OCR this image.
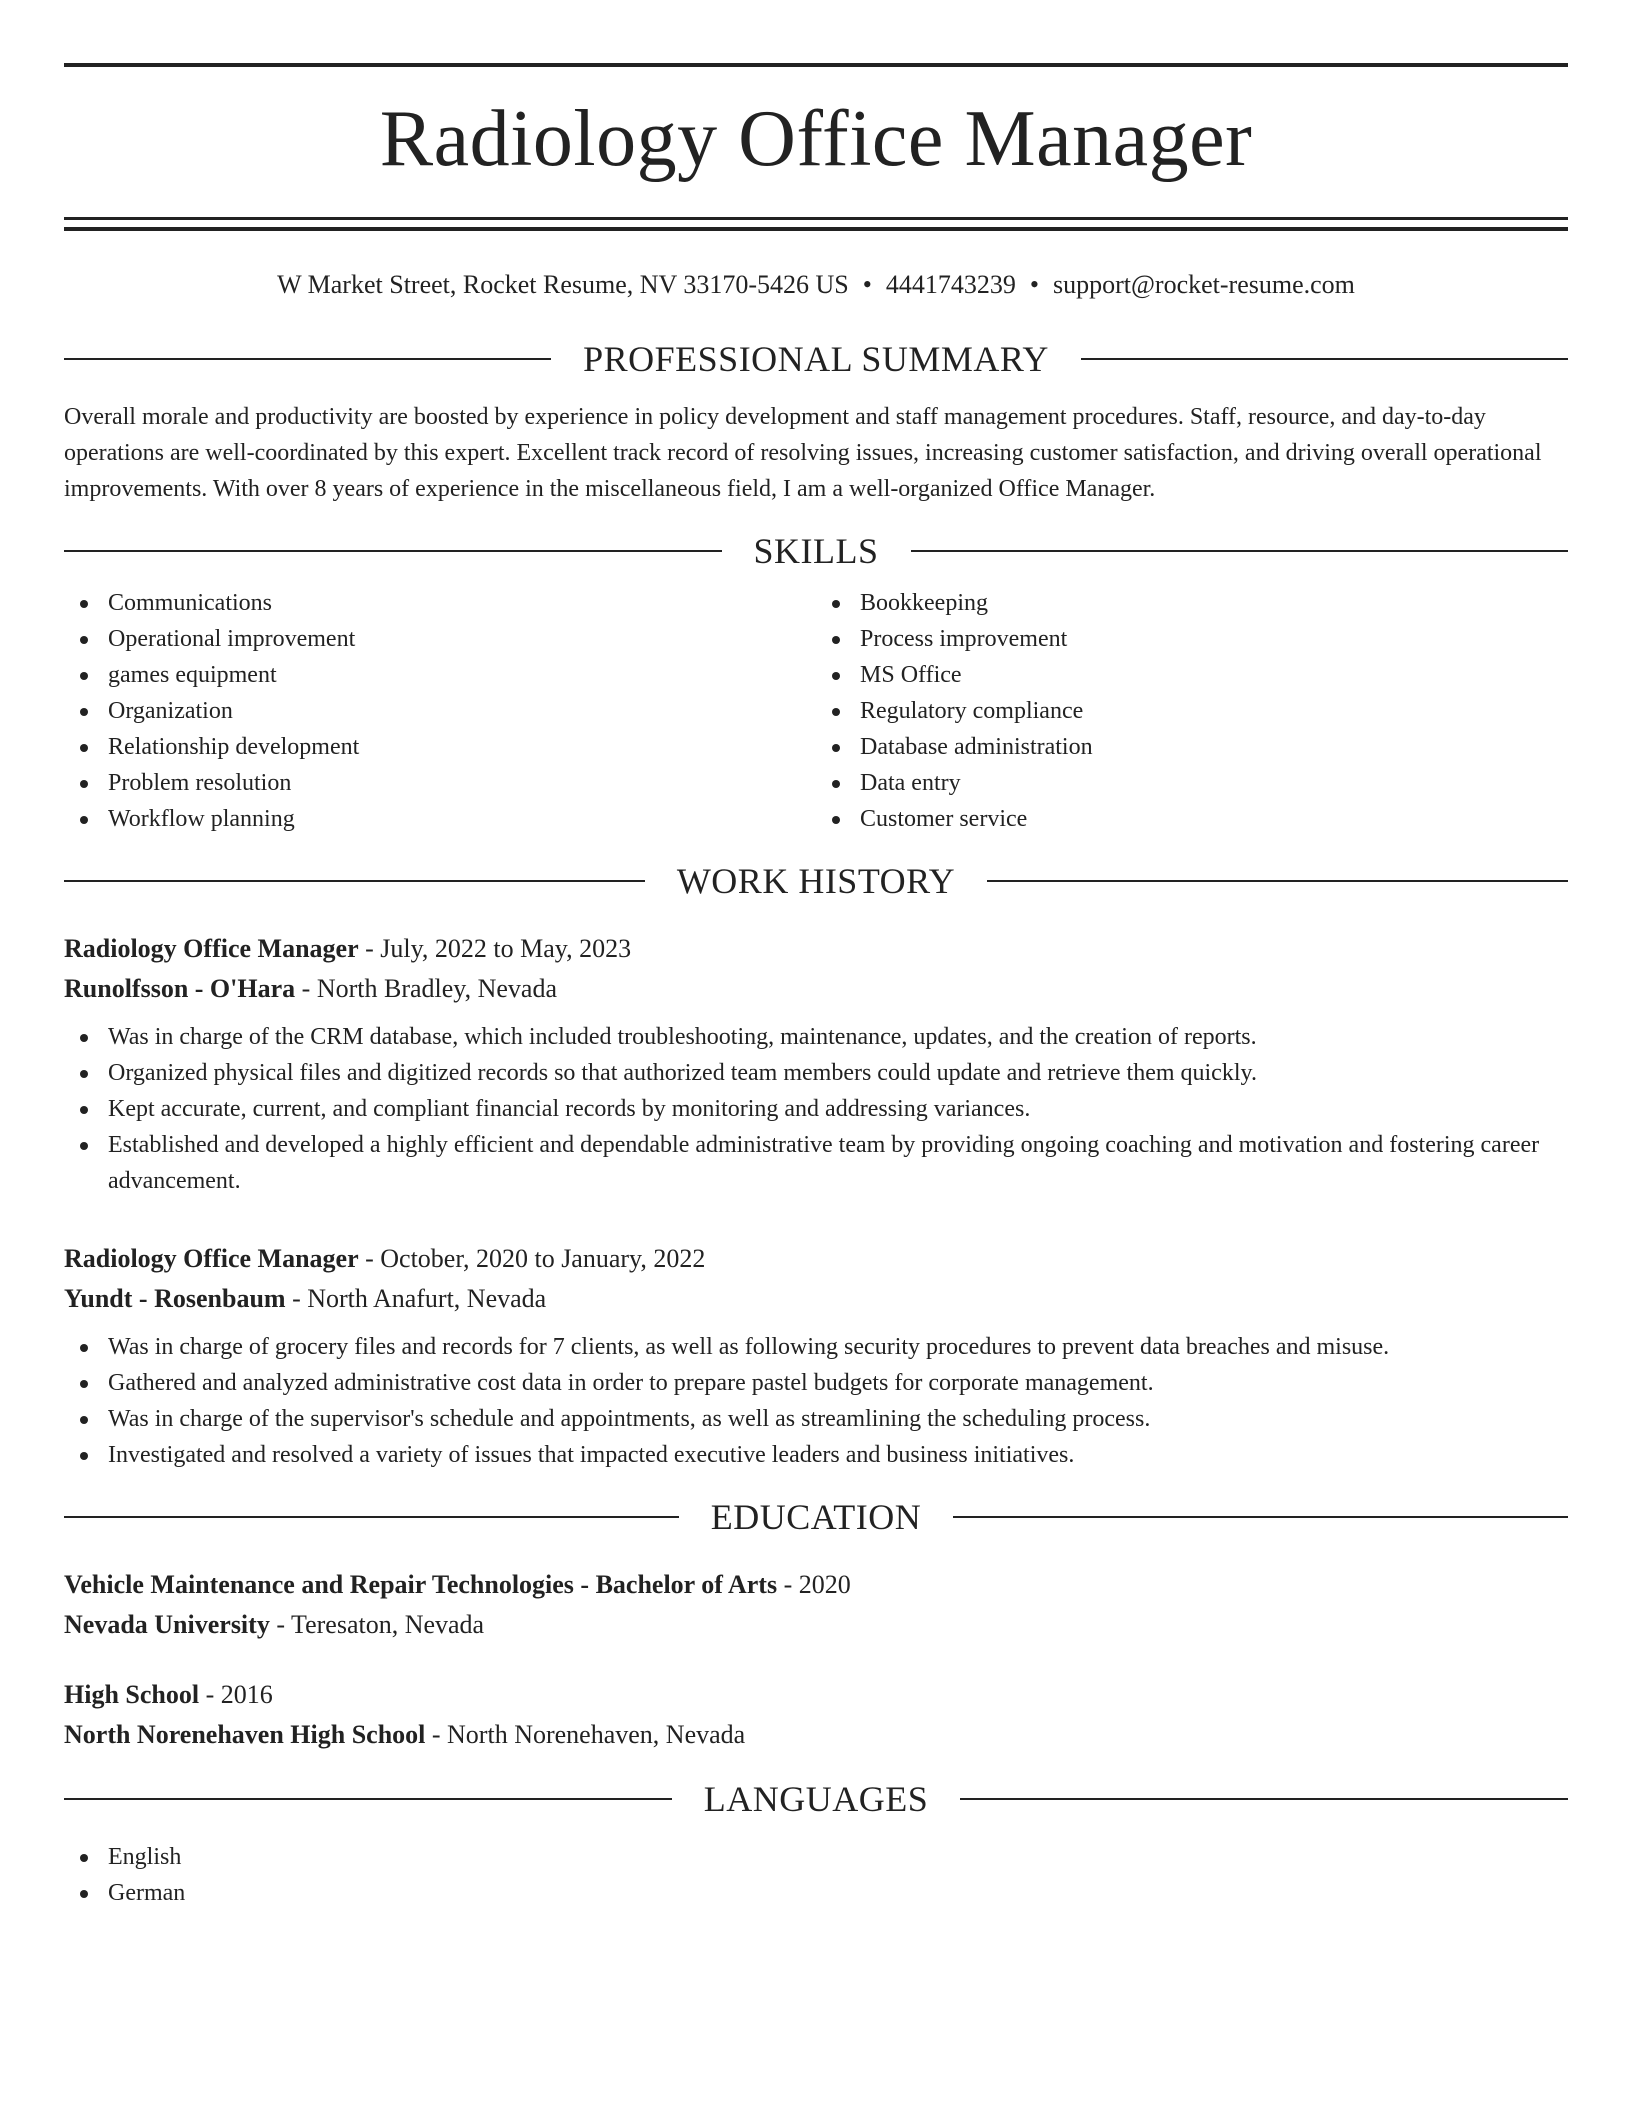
Radiology Office Manager
W Market Street, Rocket Resume, NV 33170-5426 US • 4441743239 • support@rocket-resume.com
PROFESSIONAL SUMMARY

Overall morale and productivity are boosted by experience in policy development and staff management procedures. Staff, resource, and day-to-day operations are well-coordinated by this expert. Excellent track record of resolving issues, increasing customer satisfaction, and driving overall operational improvements. With over 8 years of experience in the miscellaneous field, I am a well-organized Office Manager.

SKILLS
Communications
Operational improvement
games equipment
Organization
Relationship development
Problem resolution
Workflow planning
Bookkeeping
Process improvement
MS Office
Regulatory compliance
Database administration
Data entry
Customer service
WORK HISTORY
Radiology Office Manager - July, 2022 to May, 2023
Runolfsson - O'Hara - North Bradley, Nevada
Was in charge of the CRM database, which included troubleshooting, maintenance, updates, and the creation of reports.
Organized physical files and digitized records so that authorized team members could update and retrieve them quickly.
Kept accurate, current, and compliant financial records by monitoring and addressing variances.
Established and developed a highly efficient and dependable administrative team by providing ongoing coaching and motivation and fostering career advancement.
Radiology Office Manager - October, 2020 to January, 2022
Yundt - Rosenbaum - North Anafurt, Nevada
Was in charge of grocery files and records for 7 clients, as well as following security procedures to prevent data breaches and misuse.
Gathered and analyzed administrative cost data in order to prepare pastel budgets for corporate management.
Was in charge of the supervisor's schedule and appointments, as well as streamlining the scheduling process.
Investigated and resolved a variety of issues that impacted executive leaders and business initiatives.
EDUCATION
Vehicle Maintenance and Repair Technologies - Bachelor of Arts - 2020
Nevada University - Teresaton, Nevada
High School - 2016
North Norenehaven High School - North Norenehaven, Nevada
LANGUAGES
English
German
